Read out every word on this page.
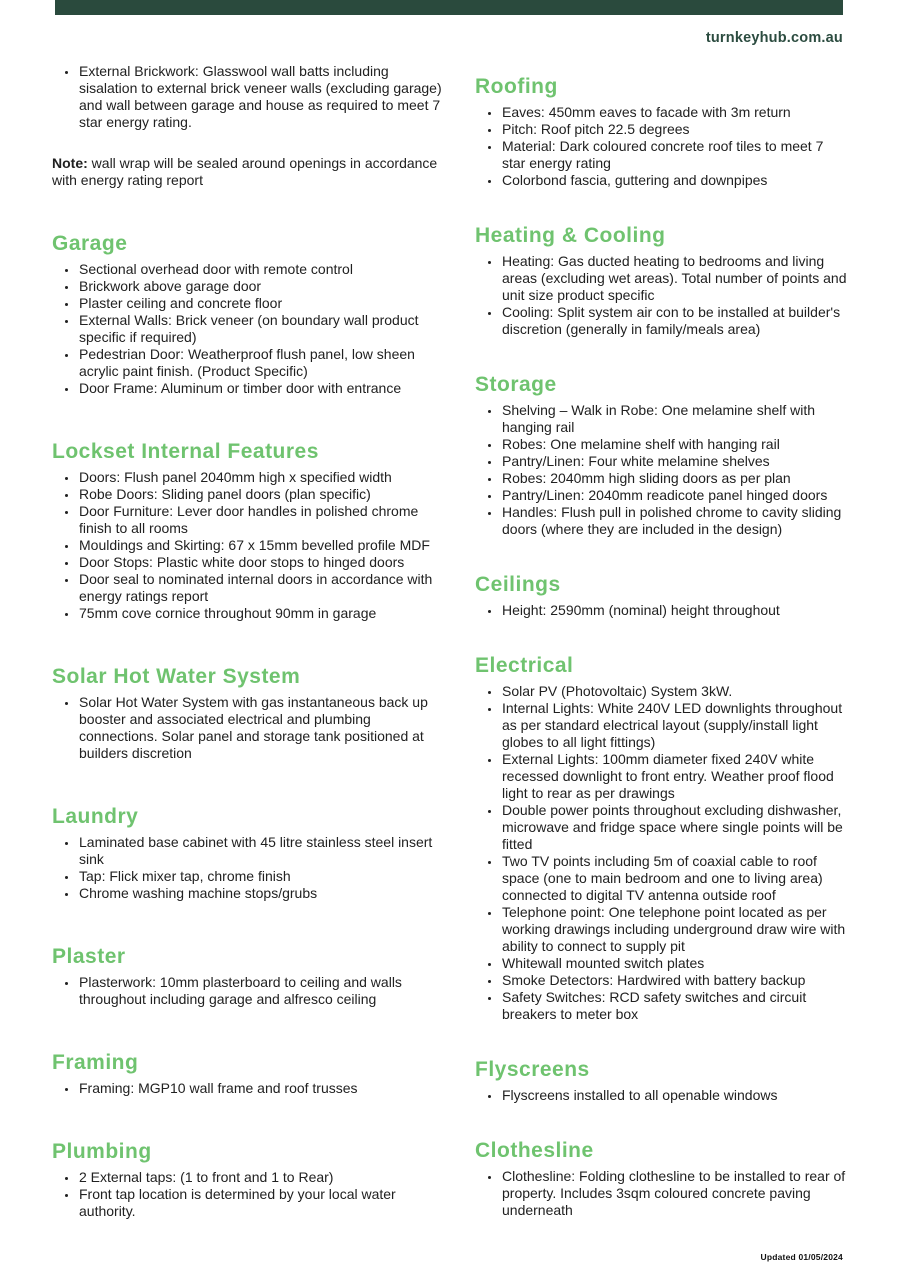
turnkeyhub.com.au
• External Brickwork: Glasswool wall batts including sisalation to external brick veneer walls (excluding garage) and wall between garage and house as required to meet 7 star energy rating.

Note: wall wrap will be sealed around openings in accordance with energy rating report

Garage
• Sectional overhead door with remote control
• Brickwork above garage door
• Plaster ceiling and concrete floor
• External Walls: Brick veneer (on boundary wall product specific if required)
• Pedestrian Door: Weatherproof flush panel, low sheen acrylic paint finish. (Product Specific)
• Door Frame: Aluminum or timber door with entrance
Lockset Internal Features
• Doors: Flush panel 2040mm high x specified width
• Robe Doors: Sliding panel doors (plan specific)
• Door Furniture: Lever door handles in polished chrome finish to all rooms
• Mouldings and Skirting: 67 x 15mm bevelled profile MDF
• Door Stops: Plastic white door stops to hinged doors
• Door seal to nominated internal doors in accordance with energy ratings report
• 75mm cove cornice throughout 90mm in garage
Solar Hot Water System
• Solar Hot Water System with gas instantaneous back up booster and associated electrical and plumbing connections. Solar panel and storage tank positioned at builders discretion
Laundry
• Laminated base cabinet with 45 litre stainless steel insert sink
• Tap: Flick mixer tap, chrome finish
• Chrome washing machine stops/grubs
Plaster
• Plasterwork: 10mm plasterboard to ceiling and walls throughout including garage and alfresco ceiling
Framing
• Framing: MGP10 wall frame and roof trusses
Plumbing
• 2 External taps: (1 to front and 1 to Rear)
• Front tap location is determined by your local water authority.
Roofing
• Eaves: 450mm eaves to facade with 3m return
• Pitch: Roof pitch 22.5 degrees
• Material: Dark coloured concrete roof tiles to meet 7 star energy rating
• Colorbond fascia, guttering and downpipes
Heating & Cooling
• Heating: Gas ducted heating to bedrooms and living areas (excluding wet areas). Total number of points and unit size product specific
• Cooling: Split system air con to be installed at builder's discretion (generally in family/meals area)
Storage
• Shelving – Walk in Robe: One melamine shelf with hanging rail
• Robes: One melamine shelf with hanging rail
• Pantry/Linen: Four white melamine shelves
• Robes: 2040mm high sliding doors as per plan
• Pantry/Linen: 2040mm readicote panel hinged doors
• Handles: Flush pull in polished chrome to cavity sliding doors (where they are included in the design)
Ceilings
• Height: 2590mm (nominal) height throughout
Electrical
• Solar PV (Photovoltaic) System 3kW.
• Internal Lights: White 240V LED downlights throughout as per standard electrical layout (supply/install light globes to all light fittings)
• External Lights: 100mm diameter fixed 240V white recessed downlight to front entry. Weather proof flood light to rear as per drawings
• Double power points throughout excluding dishwasher, microwave and fridge space where single points will be fitted
• Two TV points including 5m of coaxial cable to roof space (one to main bedroom and one to living area) connected to digital TV antenna outside roof
• Telephone point: One telephone point located as per working drawings including underground draw wire with ability to connect to supply pit
• Whitewall mounted switch plates
• Smoke Detectors: Hardwired with battery backup
• Safety Switches: RCD safety switches and circuit breakers to meter box
Flyscreens
• Flyscreens installed to all openable windows
Clothesline
• Clothesline: Folding clothesline to be installed to rear of property. Includes 3sqm coloured concrete paving underneath
Updated 01/05/2024
